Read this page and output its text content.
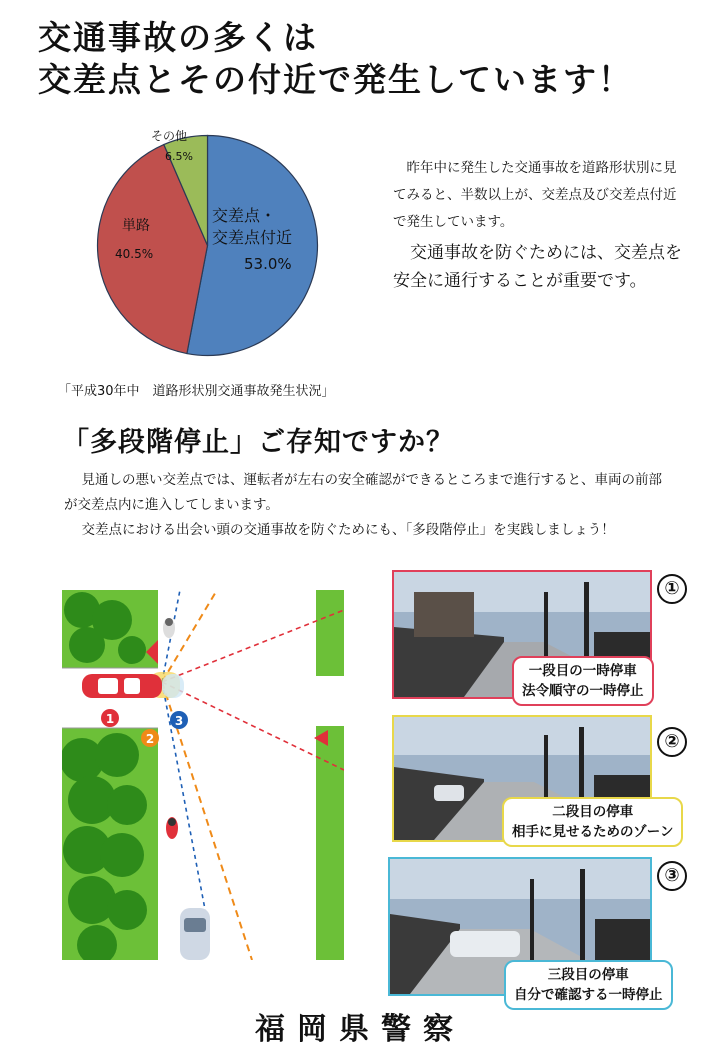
交通事故の多くは
交差点とその付近で発生しています！
交差点・
交差点付近
53.0%
単路
40.5%
その他
6.5%
昨年中に発生した交通事故を道路形状別に見てみると、半数以上が、交差点及び交差点付近で発生しています。
交通事故を防ぐためには、交差点を安全に通行することが重要です。
「平成30年中　道路形状別交通事故発生状況」
「多段階停止」ご存知ですか？
見通しの悪い交差点では、運転者が左右の安全確認ができるところまで進行すると、車両の前部が交差点内に進入してしまいます。
交差点における出会い頭の交通事故を防ぐためにも、「多段階停止」を実践しましょう！
1
2
3
一段目の一時停車
法令順守の一時停止
①
二段目の停車
相手に見せるためのゾーン
②
三段目の停車
自分で確認する一時停止
③
福岡県警察
